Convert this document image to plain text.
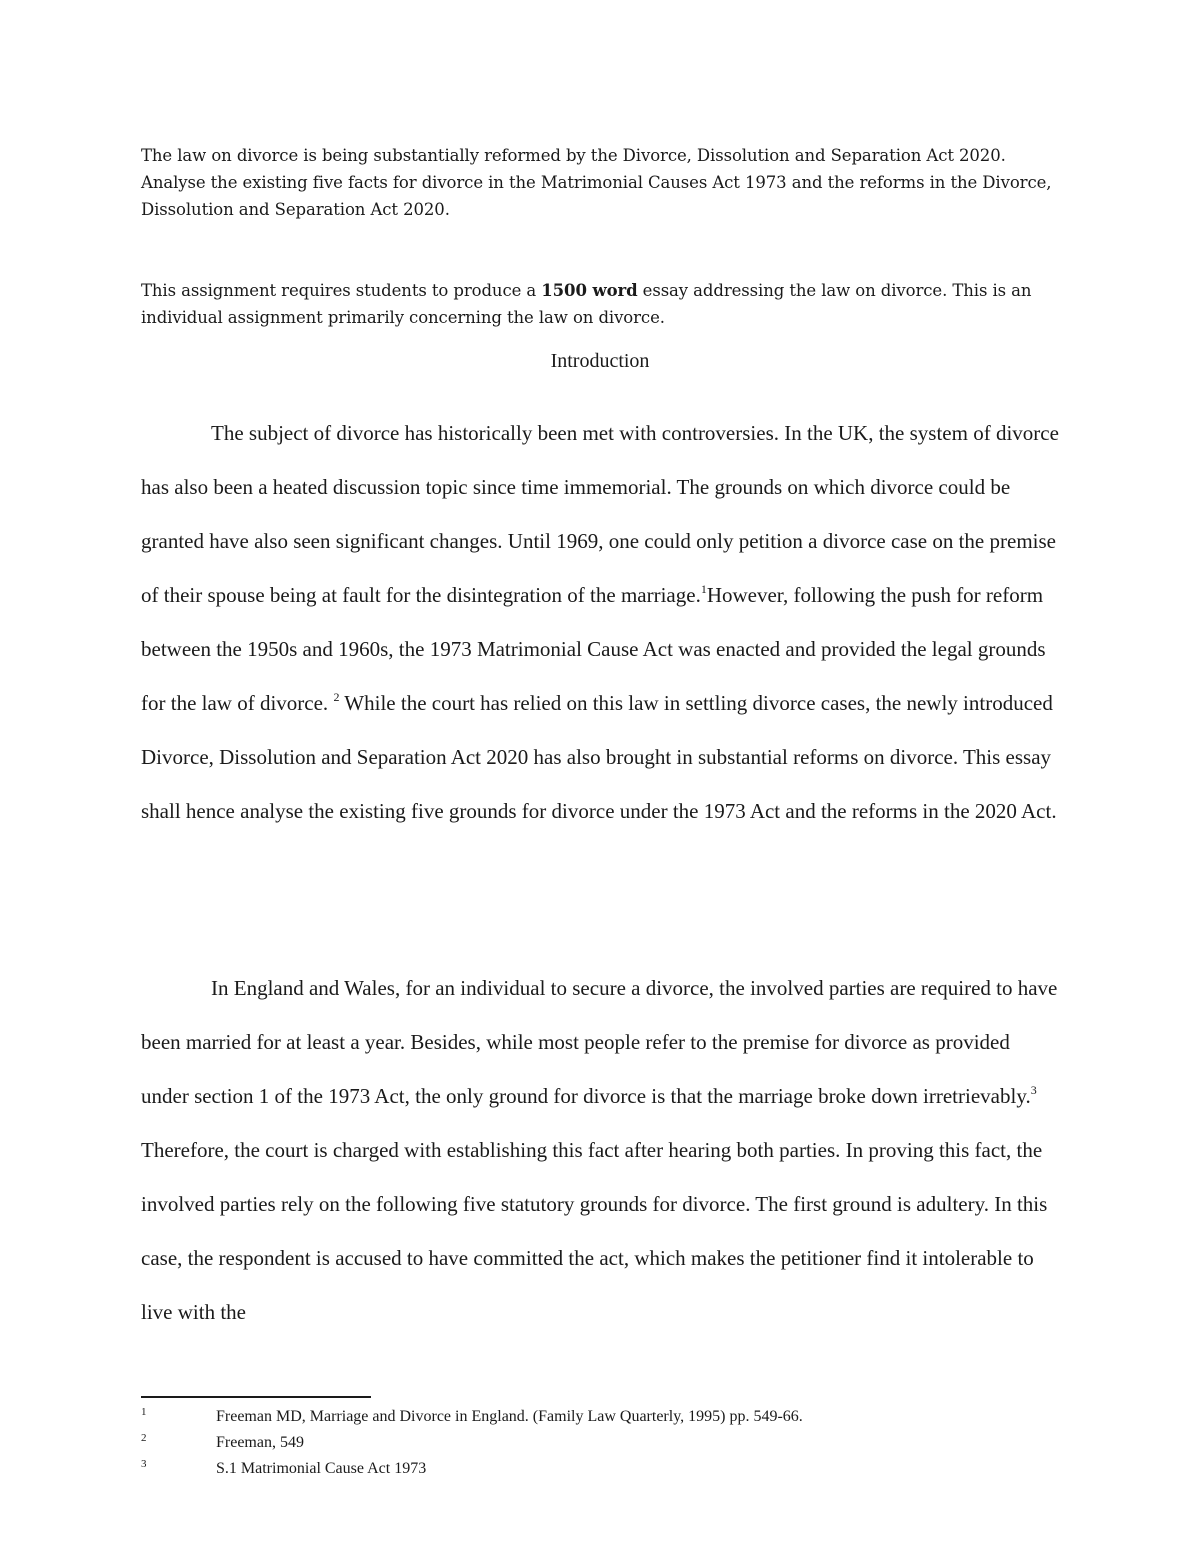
The law on divorce is being substantially reformed by the Divorce, Dissolution and Separation Act 2020. Analyse the existing five facts for divorce in the Matrimonial Causes Act 1973 and the reforms in the Divorce, Dissolution and Separation Act 2020.

This assignment requires students to produce a 1500 word essay addressing the law on divorce. This is an individual assignment primarily concerning the law on divorce.

Introduction

The subject of divorce has historically been met with controversies. In the UK, the system of divorce has also been a heated discussion topic since time immemorial. The grounds on which divorce could be granted have also seen significant changes. Until 1969, one could only petition a divorce case on the premise of their spouse being at fault for the disintegration of the marriage.$^1$However, following the push for reform between the 1950s and 1960s, the 1973 Matrimonial Cause Act was enacted and provided the legal grounds for the law of divorce. $^2$ While the court has relied on this law in settling divorce cases, the newly introduced Divorce, Dissolution and Separation Act 2020 has also brought in substantial reforms on divorce. This essay shall hence analyse the existing five grounds for divorce under the 1973 Act and the reforms in the 2020 Act.

In England and Wales, for an individual to secure a divorce, the involved parties are required to have been married for at least a year. Besides, while most people refer to the premise for divorce as provided under section 1 of the 1973 Act, the only ground for divorce is that the marriage broke down irretrievably.$^3$ Therefore, the court is charged with establishing this fact after hearing both parties. In proving this fact, the involved parties rely on the following five statutory grounds for divorce. The first ground is adultery. In this case, the respondent is accused to have committed the act, which makes the petitioner find it intolerable to live with the

1	Freeman MD, Marriage and Divorce in England. (Family Law Quarterly, 1995) pp. 549-66.
2	Freeman, 549
3	S.1 Matrimonial Cause Act 1973
